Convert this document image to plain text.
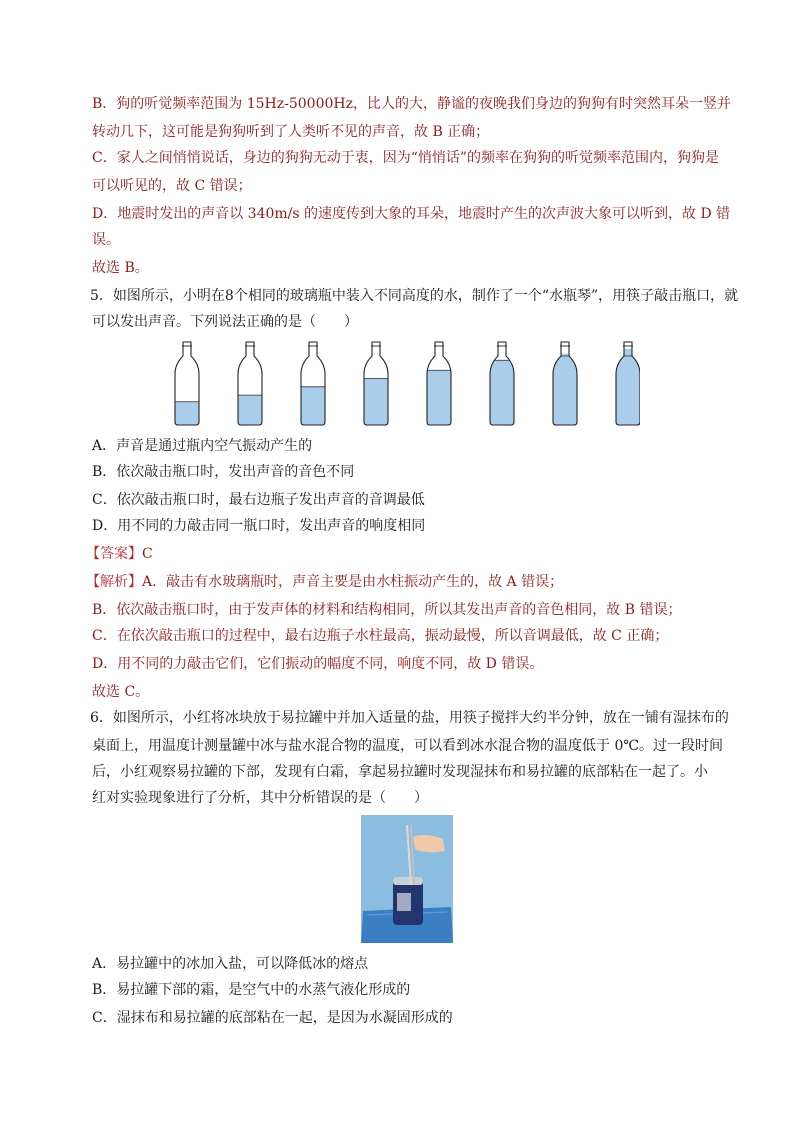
B．狗的听觉频率范围为 15Hz-50000Hz，比人的大，静谧的夜晚我们身边的狗狗有时突然耳朵一竖并
转动几下，这可能是狗狗听到了人类听不见的声音，故 B 正确；
C．家人之间悄悄说话，身边的狗狗无动于衷，因为“悄悄话”的频率在狗狗的听觉频率范围内，狗狗是
可以听见的，故 C 错误；
D．地震时发出的声音以 340m/s 的速度传到大象的耳朵，地震时产生的次声波大象可以听到，故 D 错
误。
故选 B。
5．如图所示，小明在8个相同的玻璃瓶中装入不同高度的水，制作了一个“水瓶琴”，用筷子敲击瓶口，就
可以发出声音。下列说法正确的是（　　）
A．声音是通过瓶内空气振动产生的
B．依次敲击瓶口时，发出声音的音色不同
C．依次敲击瓶口时，最右边瓶子发出声音的音调最低
D．用不同的力敲击同一瓶口时，发出声音的响度相同
【答案】C
【解析】A．敲击有水玻璃瓶时，声音主要是由水柱振动产生的，故 A 错误；
B．依次敲击瓶口时，由于发声体的材料和结构相同，所以其发出声音的音色相同，故 B 错误；
C．在依次敲击瓶口的过程中，最右边瓶子水柱最高，振动最慢，所以音调最低，故 C 正确；
D．用不同的力敲击它们，它们振动的幅度不同，响度不同，故 D 错误。
故选 C。
6．如图所示，小红将冰块放于易拉罐中并加入适量的盐，用筷子搅拌大约半分钟，放在一铺有湿抹布的
桌面上，用温度计测量罐中冰与盐水混合物的温度，可以看到冰水混合物的温度低于 0℃。过一段时间
后，小红观察易拉罐的下部，发现有白霜，拿起易拉罐时发现湿抹布和易拉罐的底部粘在一起了。小
红对实验现象进行了分析，其中分析错误的是（　　）
A．易拉罐中的冰加入盐，可以降低冰的熔点
B．易拉罐下部的霜，是空气中的水蒸气液化形成的
C．湿抹布和易拉罐的底部粘在一起，是因为水凝固形成的
